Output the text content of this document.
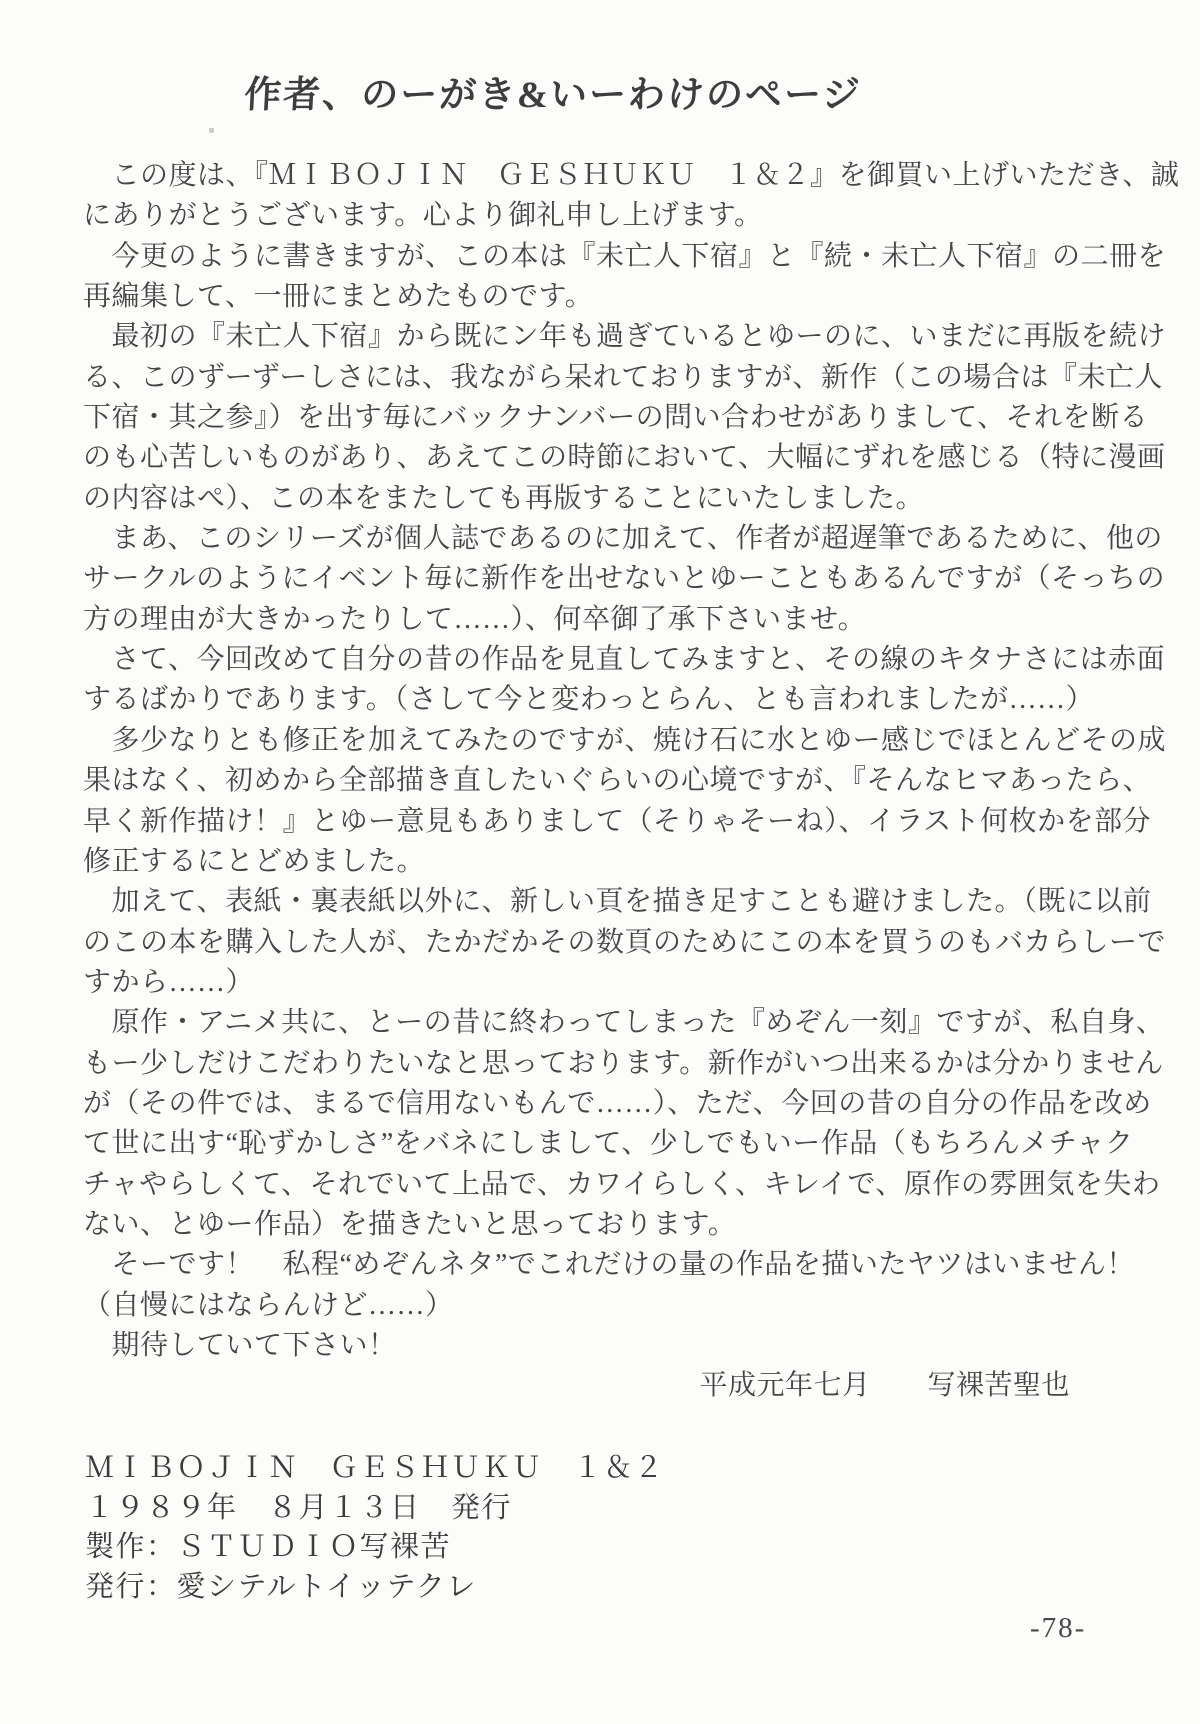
作者、のーがき&いーわけのページ
　この度は、『ＭＩＢＯＪＩＮ　ＧＥＳＨＵＫＵ　１＆２』を御買い上げいただき、誠
にありがとうございます。心より御礼申し上げます。
　今更のように書きますが、この本は『未亡人下宿』と『続・未亡人下宿』の二冊を
再編集して、一冊にまとめたものです。
　最初の『未亡人下宿』から既にン年も過ぎているとゆーのに、いまだに再版を続け
る、このずーずーしさには、我ながら呆れておりますが、新作（この場合は『未亡人
下宿・其之参』）を出す毎にバックナンバーの問い合わせがありまして、それを断る
のも心苦しいものがあり、あえてこの時節において、大幅にずれを感じる（特に漫画
の内容はぺ）、この本をまたしても再版することにいたしました。
　まあ、このシリーズが個人誌であるのに加えて、作者が超遅筆であるために、他の
サークルのようにイベント毎に新作を出せないとゆーこともあるんですが（そっちの
方の理由が大きかったりして……）、何卒御了承下さいませ。
　さて、今回改めて自分の昔の作品を見直してみますと、その線のキタナさには赤面
するばかりであります。（さして今と変わっとらん、とも言われましたが……）
　多少なりとも修正を加えてみたのですが、焼け石に水とゆー感じでほとんどその成
果はなく、初めから全部描き直したいぐらいの心境ですが、『そんなヒマあったら、
早く新作描け！』とゆー意見もありまして（そりゃそーね）、イラスト何枚かを部分
修正するにとどめました。
　加えて、表紙・裏表紙以外に、新しい頁を描き足すことも避けました。（既に以前
のこの本を購入した人が、たかだかその数頁のためにこの本を買うのもバカらしーで
すから……）
　原作・アニメ共に、とーの昔に終わってしまった『めぞん一刻』ですが、私自身、
もー少しだけこだわりたいなと思っております。新作がいつ出来るかは分かりません
が（その件では、まるで信用ないもんで……）、ただ、今回の昔の自分の作品を改め
て世に出す“恥ずかしさ”をバネにしまして、少しでもいー作品（もちろんメチャク
チャやらしくて、それでいて上品で、カワイらしく、キレイで、原作の雰囲気を失わ
ない、とゆー作品）を描きたいと思っております。
　そーです！　私程“めぞんネタ”でこれだけの量の作品を描いたヤツはいません！
（自慢にはならんけど……）
　期待していて下さい！
平成元年七月　　写裸苦聖也
ＭＩＢＯＪＩＮ　ＧＥＳＨＵＫＵ　１＆２
１９８９年　８月１３日　発行
製作：ＳＴＵＤＩＯ写裸苦
発行：愛シテルトイッテクレ
-78-
